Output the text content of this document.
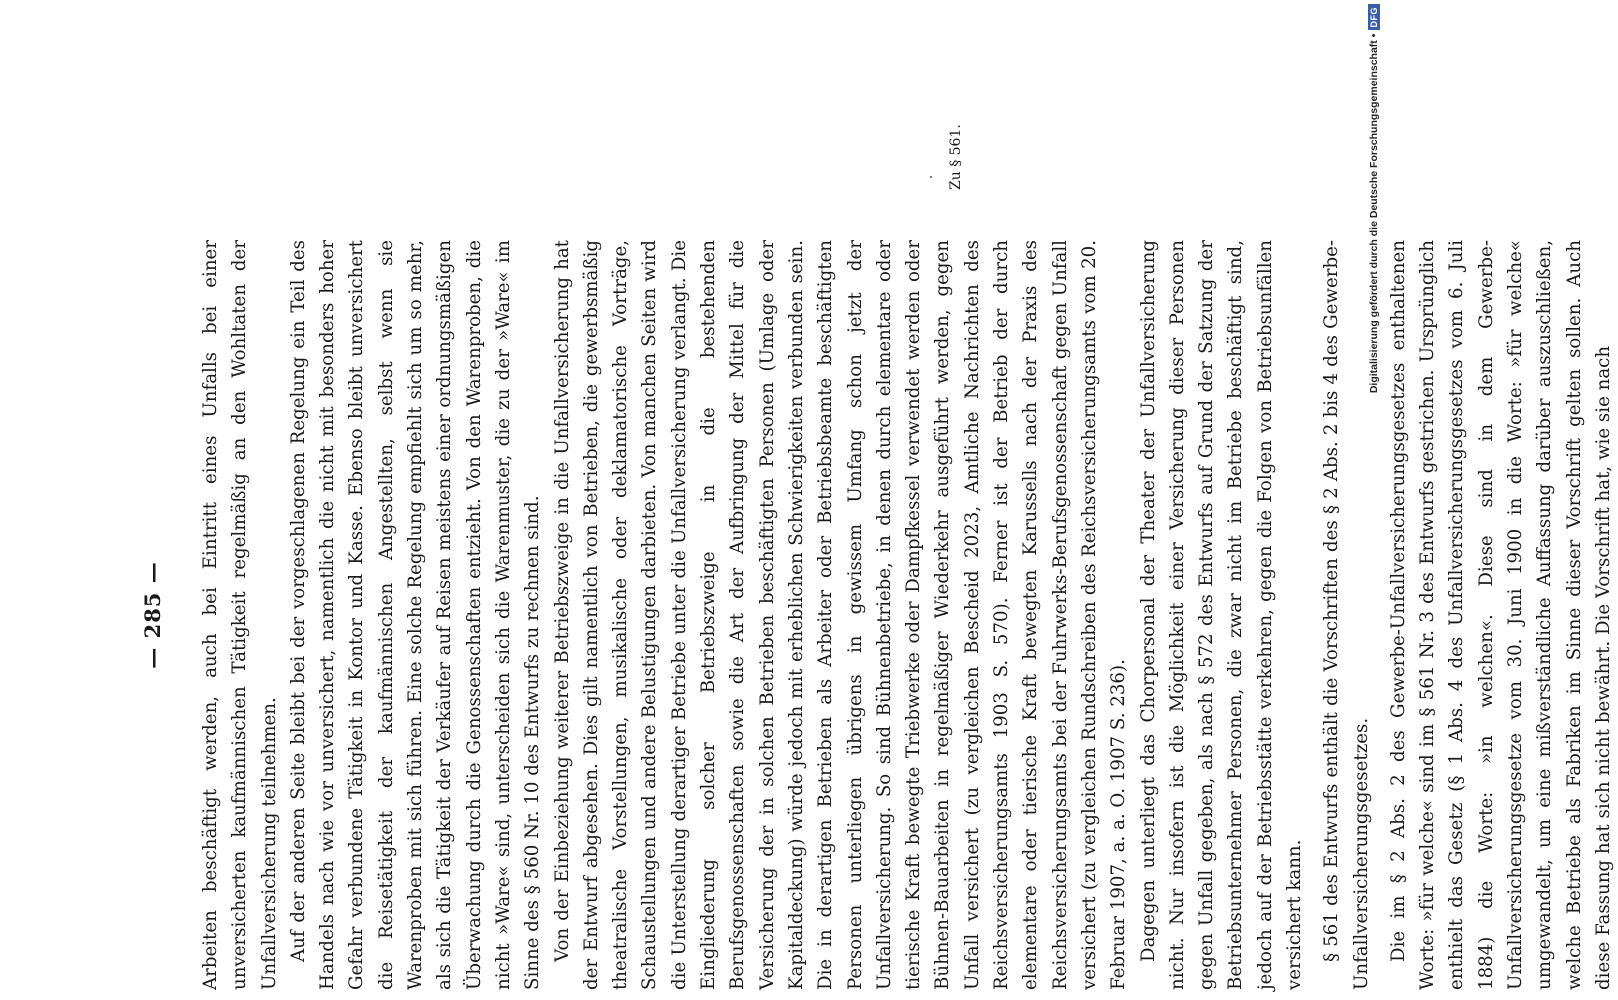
— 285 — Arbeiten beschäftigt werden, auch bei Eintritt eines Unfalls bei einer unversicherten kaufmännischen Tätigkeit regelmäßig an den Wohltaten der Unfallversicherung teilnehmen. Auf der anderen Seite bleibt bei der vorgeschlagenen Regelung ein Teil des Handels nach wie vor unversichert, namentlich die nicht mit besonders hoher Gefahr verbundene Tätigkeit in Kontor und Kasse. Ebenso bleibt unversichert die Reisetätigkeit der kaufmännischen Angestellten, selbst wenn sie Warenproben mit sich führen. Eine solche Regelung empfiehlt sich um so mehr, als sich die Tätigkeit der Verkäufer auf Reisen meistens einer ordnungsmäßigen Überwachung durch die Genossenschaften entzieht. Von den Warenproben, die nicht »Ware« sind, unterscheiden sich die Warenmuster, die zu der »Ware« im Sinne des § 560 Nr. 10 des Entwurfs zu rechnen sind. Von der Einbeziehung weiterer Betriebszweige in die Unfallversicherung hat der Entwurf abgesehen. Dies gilt namentlich von Betrieben, die gewerbsmäßig theatralische Vorstellungen, musikalische oder deklamatorische Vorträge, Schaustellungen und andere Belustigungen darbieten. Von manchen Seiten wird die Unterstellung derartiger Betriebe unter die Unfallversicherung verlangt. Die Eingliederung solcher Betriebszweige in die bestehenden Berufsgenossenschaften sowie die Art der Aufbringung der Mittel für die Versicherung der in solchen Betrieben beschäftigten Personen (Umlage oder Kapitaldeckung) würde jedoch mit erheblichen Schwierigkeiten verbunden sein. Die in derartigen Betrieben als Arbeiter oder Betriebsbeamte beschäftigten Personen unterliegen übrigens in gewissem Umfang schon jetzt der Unfallversicherung. So sind Bühnenbetriebe, in denen durch elementare oder tierische Kraft bewegte Triebwerke oder Dampfkessel verwendet werden oder Bühnen-Bauarbeiten in regelmäßiger Wiederkehr ausgeführt werden, gegen Unfall versichert (zu vergleichen Bescheid 2023, Amtliche Nachrichten des Reichsversicherungsamts 1903 S. 570). Ferner ist der Betrieb der durch elementare oder tierische Kraft bewegten Karussells nach der Praxis des Reichsversicherungsamts bei der Fuhrwerks-Berufsgenossenschaft gegen Unfall versichert (zu vergleichen Rundschreiben des Reichsversicherungsamts vom 20. Februar 1907, a. a. O. 1907 S. 236). Dagegen unterliegt das Chorpersonal der Theater der Unfallversicherung nicht. Nur insofern ist die Möglichkeit einer Versicherung dieser Personen gegen Unfall gegeben, als nach § 572 des Entwurfs auf Grund der Satzung der Betriebsunternehmer Personen, die zwar nicht im Betriebe beschäftigt sind, jedoch auf der Betriebsstätte verkehren, gegen die Folgen von Betriebsunfällen versichert kann. § 561 des Entwurfs enthält die Vorschriften des § 2 Abs. 2 bis 4 des Gewerbe-Unfallversicherungsgesetzes. Die im § 2 Abs. 2 des Gewerbe-Unfallversicherungsgesetzes enthaltenen Worte: »für welche« sind im § 561 Nr. 3 des Entwurfs gestrichen. Ursprünglich enthielt das Gesetz (§ 1 Abs. 4 des Unfallversicherungsgesetzes vom 6. Juli 1884) die Worte: »in welchen«. Diese sind in dem Gewerbe-Unfallversicherungsgesetze vom 30. Juni 1900 in die Worte: »für welche« umgewandelt, um eine mißverständliche Auffassung darüber auszuschließen, welche Betriebe als Fabriken im Sinne dieser Vorschrift gelten sollen. Auch diese Fassung hat sich nicht bewährt. Die Vorschrift hat, wie sie nach

Zu § 561.	Digitalisierung gefördert durch die Deutsche Forschungsgemeinschaft
•
DFG
